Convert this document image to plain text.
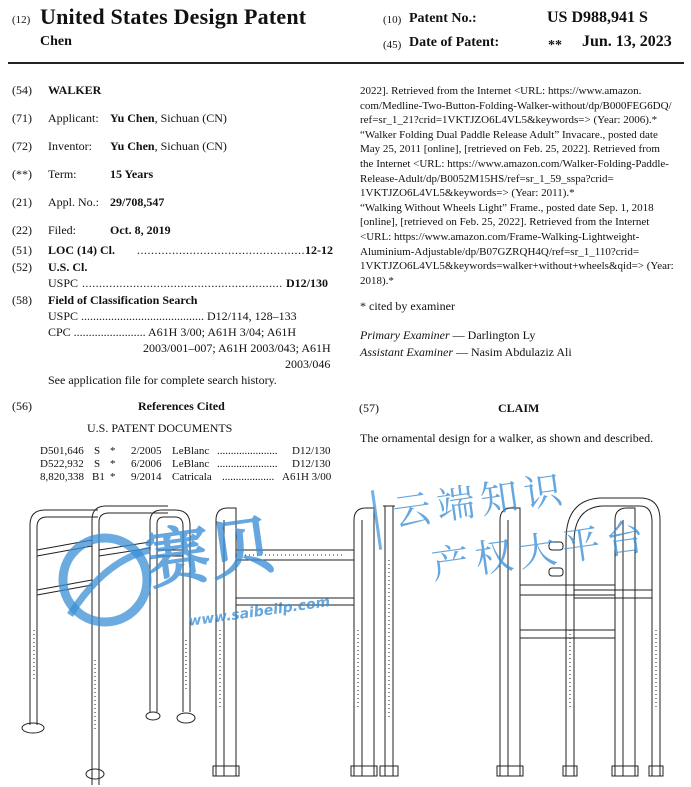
(12) United States Design Patent
Chen
(10) Patent No.:	US D988,941 S
(45) Date of Patent:	** Jun. 13, 2023
(54) WALKER
(71) Applicant: Yu Chen, Sichuan (CN)
(72) Inventor: Yu Chen, Sichuan (CN)
(**) Term:	15 Years
(21) Appl. No.: 29/708,547
(22) Filed:	Oct. 8, 2019
(51) LOC (14) Cl. ................................................ 12-12
(52) U.S. Cl.
USPC ........................................................... D12/130
(58) Field of Classification Search
USPC ......................................... D12/114, 128–133
CPC ........................ A61H 3/00; A61H 3/04; A61H
2003/001–007; A61H 2003/043; A61H
2003/046
See application file for complete search history.
(56)	References Cited
U.S. PATENT DOCUMENTS
D501,646 S * 2/2005 LeBlanc ...................... D12/130
D522,932 S * 6/2006 LeBlanc ...................... D12/130
8,820,338 B1 * 9/2014 Catricala ................... A61H 3/00
2022]. Retrieved from the Internet <URL: https://www.amazon.
com/Medline-Two-Button-Folding-Walker-without/dp/B000FEG6DQ/
ref=sr_1_21?crid=1VKTJZO6L4VL5&keywords=> (Year: 2006).*
“Walker Folding Dual Paddle Release Adult” Invacare., posted date
May 25, 2011 [online], [retrieved on Feb. 25, 2022]. Retrieved from
the Internet <URL: https://www.amazon.com/Walker-Folding-Paddle-
Release-Adult/dp/B0052M15HS/ref=sr_1_59_sspa?crid=
1VKTJZO6L4VL5&keywords=> (Year: 2011).*
“Walking Without Wheels Light” Frame., posted date Sep. 1, 2018
[online], [retrieved on Feb. 25, 2022]. Retrieved from the Internet
<URL: https://www.amazon.com/Frame-Walking-Lightweight-
Aluminium-Adjustable/dp/B07GZRQH4Q/ref=sr_1_110?crid=
1VKTJZO6L4VL5&keywords=walker+without+wheels&qid=> (Year:
2018).*
* cited by examiner
Primary Examiner — Darlington Ly
Assistant Examiner — Nasim Abdulaziz Ali
(57)	CLAIM
The ornamental design for a walker, as shown and described.
赛贝
www.saibeiip.com
云端知识
产权大平台
